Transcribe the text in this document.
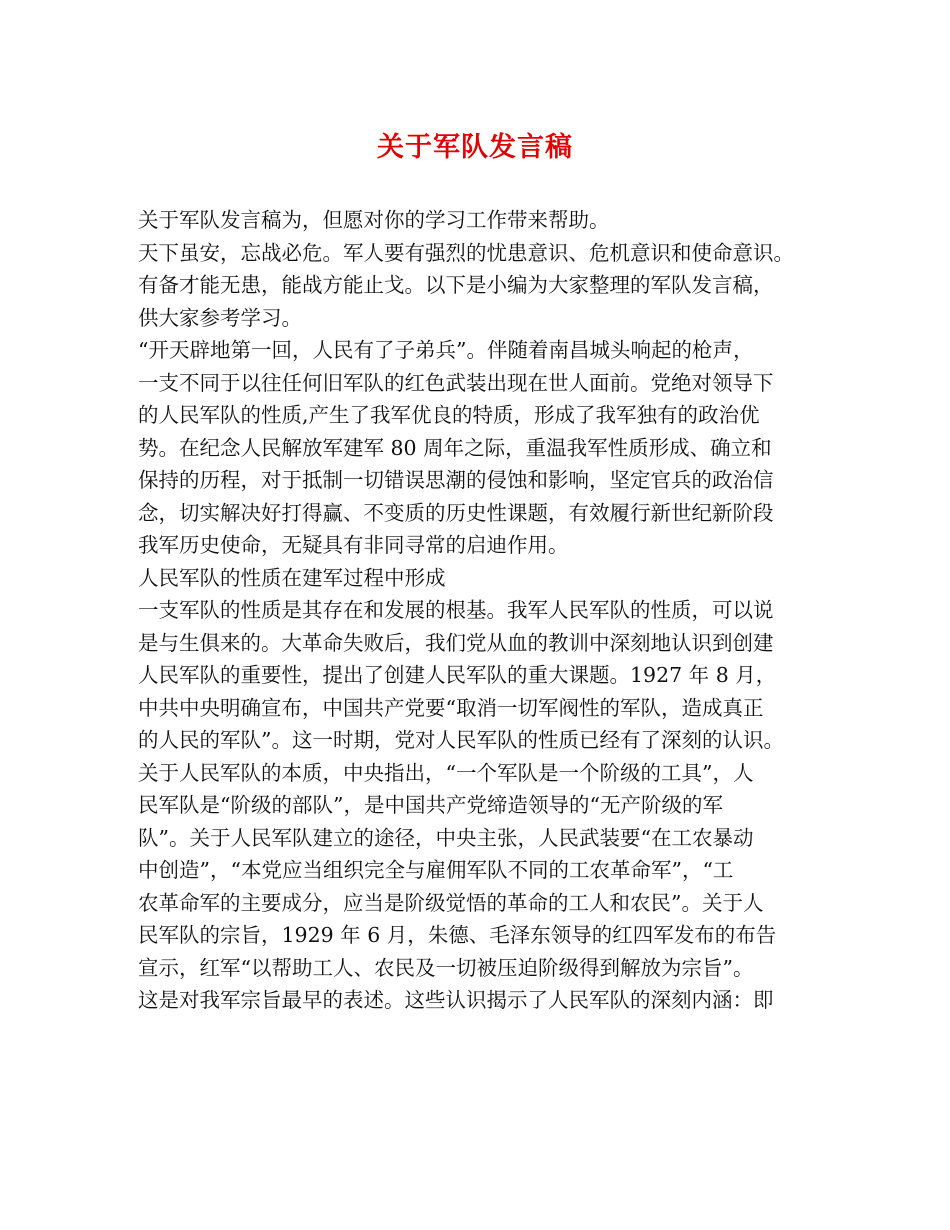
关于军队发言稿
关于军队发言稿为，但愿对你的学习工作带来帮助。
天下虽安，忘战必危。军人要有强烈的忧患意识、危机意识和使命意识。
有备才能无患，能战方能止戈。以下是小编为大家整理的军队发言稿，
供大家参考学习。
“开天辟地第一回，人民有了子弟兵”。伴随着南昌城头响起的枪声，
一支不同于以往任何旧军队的红色武装出现在世人面前。党绝对领导下
的人民军队的性质,产生了我军优良的特质，形成了我军独有的政治优
势。在纪念人民解放军建军 80 周年之际，重温我军性质形成、确立和
保持的历程，对于抵制一切错误思潮的侵蚀和影响，坚定官兵的政治信
念，切实解决好打得赢、不变质的历史性课题，有效履行新世纪新阶段
我军历史使命，无疑具有非同寻常的启迪作用。
人民军队的性质在建军过程中形成
一支军队的性质是其存在和发展的根基。我军人民军队的性质，可以说
是与生俱来的。大革命失败后，我们党从血的教训中深刻地认识到创建
人民军队的重要性，提出了创建人民军队的重大课题。1927 年 8 月，
中共中央明确宣布，中国共产党要“取消一切军阀性的军队，造成真正
的人民的军队”。这一时期，党对人民军队的性质已经有了深刻的认识。
关于人民军队的本质，中央指出，“一个军队是一个阶级的工具”，人
民军队是“阶级的部队”，是中国共产党缔造领导的“无产阶级的军
队”。关于人民军队建立的途径，中央主张，人民武装要“在工农暴动
中创造”，“本党应当组织完全与雇佣军队不同的工农革命军”，“工
农革命军的主要成分，应当是阶级觉悟的革命的工人和农民”。关于人
民军队的宗旨，1929 年 6 月，朱德、毛泽东领导的红四军发布的布告
宣示，红军“以帮助工人、农民及一切被压迫阶级得到解放为宗旨”。
这是对我军宗旨最早的表述。这些认识揭示了人民军队的深刻内涵：即
